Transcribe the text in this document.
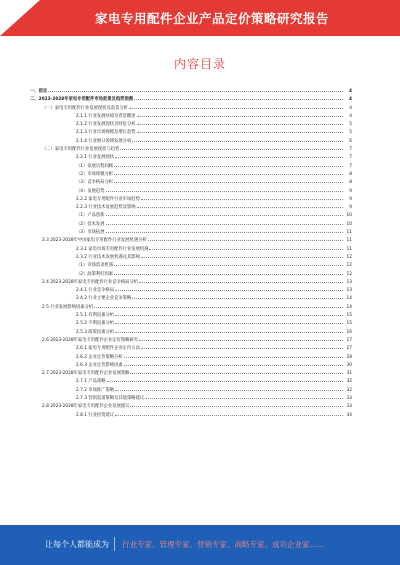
家电专用配件企业产品定价策略研究报告
内容目录
一、前言	4
二、2023-2028年家电专用配件市场前景及趋势预测	4
（一）家电专用配件行业发展现状及前景分析	4
2.1.1 行业发展环境及背景概述	4
2.1.2 行业发展现状及特征分析	5
2.1.3 行业市场规模及增长趋势	5
2.1.4 行业细分领域发展分析	6
（二）家电专用配件行业发展现状与趋势	7
2.2.1 行业发展现状	7
（1）发展历程回顾	7
（2）市场规模分析	8
（3）竞争格局分析	8
（4）发展趋势	9
2.2.2 家电专用配件行业市场趋势	9
2.2.3 行业技术发展趋势及影响	9
（1）产品创新	10
（2）技术发展	10
（3）市场拓展	11
2.3 2023-2028年中国家电专用配件行业发展机遇分析	11
2.3.1 家电市场专用配件行业发展机遇	11
2.3.2 行业技术发展机遇及其影响	12
（1）市场需求机遇	12
（2）政策利好因素	12
2.4 2023-2028年家电专用配件行业竞争格局分析	13
2.4.1 行业竞争格局	13
2.4.2 行业主要企业竞争策略	14
2.5 行业发展影响因素分析	14
2.5.1 有利因素分析	15
2.5.2 不利因素分析	15
2.5.3 政策因素分析	16
2.6 2023-2028年家电专用配件企业定价策略研究	17
2.6.1 家电专用配件企业定价方法	27
2.6.2 企业定价策略分析	28
2.6.3 企业定价影响因素	30
2.7 2023-2028年家电专用配件企业发展策略	31
2.7.1 产品策略	32
2.7.2 市场推广策略	32
2.7.3 营销渠道策略及其他策略建议	33
2.8 2023-2028年家电专用配件企业发展建议	33
2.8.1 行业投资建议	34
让每个人都能成为 行业专家、管理专家、营销专家、战略专家、成功企业家……
